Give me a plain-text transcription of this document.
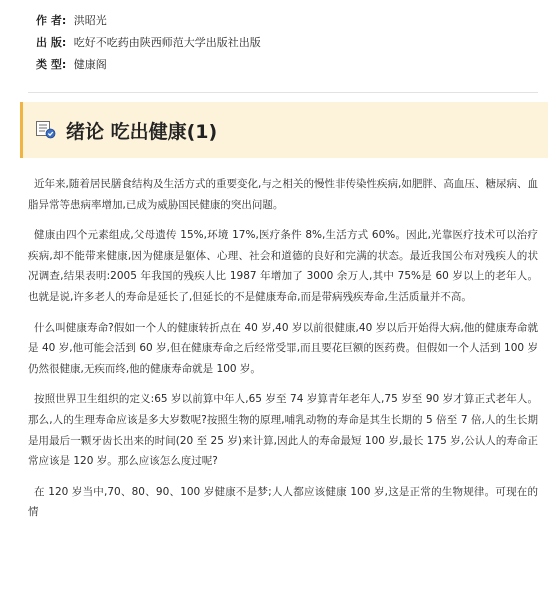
作 者: 洪昭光
出 版: 吃好不吃药由陕西师范大学出版社出版
类 型: 健康阁
绪论 吃出健康(1)

近年来,随着居民膳食结构及生活方式的重要变化,与之相关的慢性非传染性疾病,如肥胖、高血压、糖尿病、血脂异常等患病率增加,已成为威胁国民健康的突出问题。

健康由四个元素组成,父母遗传 15%,环境 17%,医疗条件 8%,生活方式 60%。因此,光靠医疗技术可以治疗疾病,却不能带来健康,因为健康是躯体、心理、社会和道德的良好和完满的状态。最近我国公布对残疾人的状况调查,结果表明:2005 年我国的残疾人比 1987 年增加了 3000 余万人,其中 75%是 60 岁以上的老年人。也就是说,许多老人的寿命是延长了,但延长的不是健康寿命,而是带病残疾寿命,生活质量并不高。

什么叫健康寿命?假如一个人的健康转折点在 40 岁,40 岁以前很健康,40 岁以后开始得大病,他的健康寿命就是 40 岁,他可能会活到 60 岁,但在健康寿命之后经常受罪,而且要花巨额的医药费。但假如一个人活到 100 岁仍然很健康,无疾而终,他的健康寿命就是 100 岁。

按照世界卫生组织的定义:65 岁以前算中年人,65 岁至 74 岁算青年老年人,75 岁至 90 岁才算正式老年人。那么,人的生理寿命应该是多大岁数呢?按照生物的原理,哺乳动物的寿命是其生长期的 5 倍至 7 倍,人的生长期是用最后一颗牙齿长出来的时间(20 至 25 岁)来计算,因此人的寿命最短 100 岁,最长 175 岁,公认人的寿命正常应该是 120 岁。那么应该怎么度过呢?

在 120 岁当中,70、80、90、100 岁健康不是梦;人人都应该健康 100 岁,这是正常的生物规律。可现在的情
